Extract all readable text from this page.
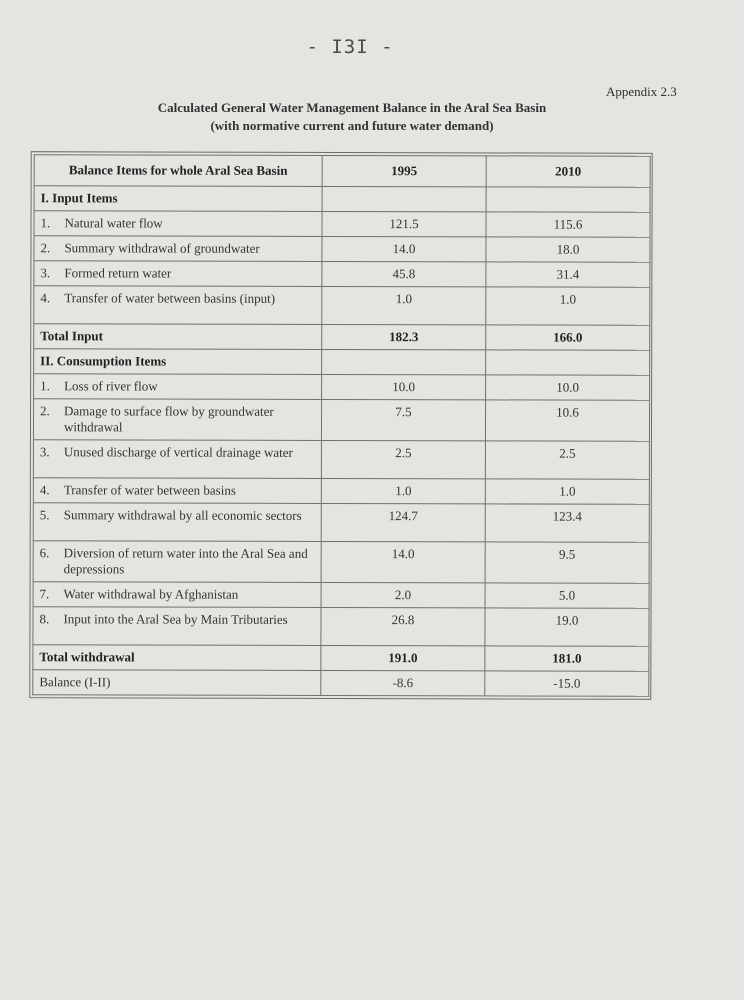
- I3I -
Appendix 2.3
Calculated General Water Management Balance in the Aral Sea Basin
(with normative current and future water demand)
Balance Items for whole Aral Sea Basin	1995	2010
I. Input Items		

1. Natural water flow	121.5	115.6

2. Summary withdrawal of groundwater	14.0	18.0

3. Formed return water	45.8	31.4

4. Transfer of water between basins (input)	1.0	1.0
Total Input	182.3	166.0
II. Consumption Items		

1. Loss of river flow	10.0	10.0

2. Damage to surface flow by groundwater withdrawal	7.5	10.6

3. Unused discharge of vertical drainage water	2.5	2.5

4. Transfer of water between basins	1.0	1.0

5. Summary withdrawal by all economic sectors	124.7	123.4

6. Diversion of return water into the Aral Sea and depressions	14.0	9.5

7. Water withdrawal by Afghanistan	2.0	5.0

8. Input into the Aral Sea by Main Tributaries	26.8	19.0
Total withdrawal	191.0	181.0
Balance (I-II)	-8.6	-15.0
